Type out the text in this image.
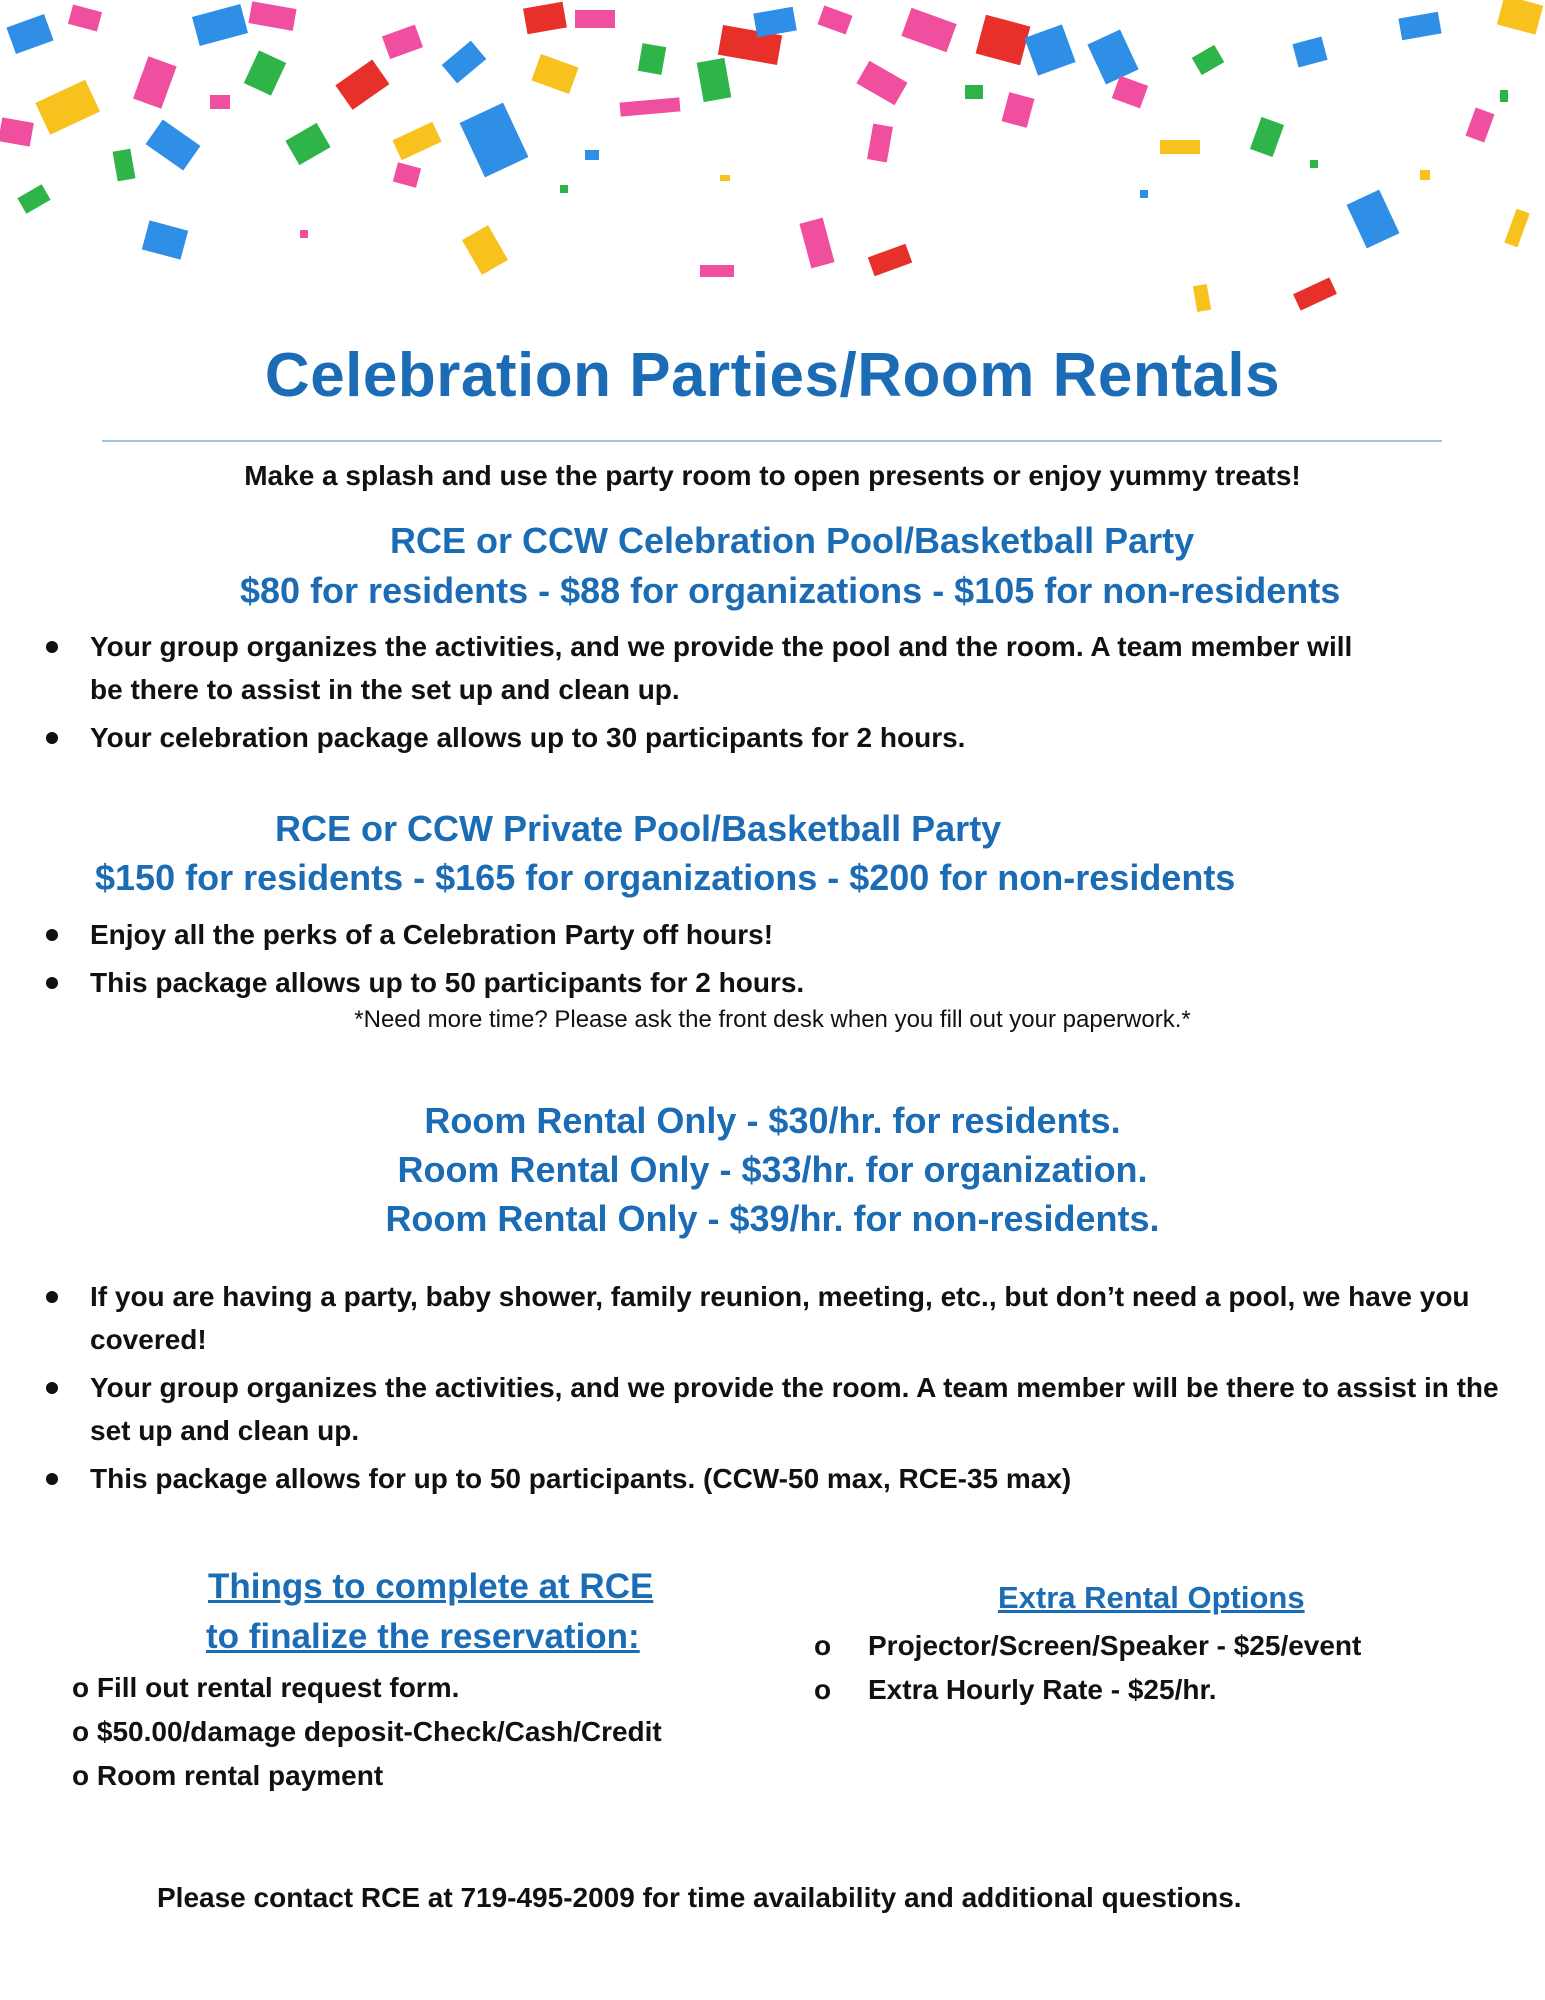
Celebration Parties/Room Rentals
Make a splash and use the party room to open presents or enjoy yummy treats!
RCE or CCW Celebration Pool/Basketball Party
$80 for residents - $88 for organizations - $105 for non-residents
Your group organizes the activities, and we provide the pool and the room. A team member will be there to assist in the set up and clean up.
Your celebration package allows up to 30 participants for 2 hours.
RCE or CCW Private Pool/Basketball Party
$150 for residents - $165 for organizations - $200 for non-residents
Enjoy all the perks of a Celebration Party off hours!
This package allows up to 50 participants for 2 hours.
*Need more time? Please ask the front desk when you fill out your paperwork.*
Room Rental Only - $30/hr. for residents.
Room Rental Only - $33/hr. for organization.
Room Rental Only - $39/hr. for non-residents.
If you are having a party, baby shower, family reunion, meeting, etc., but don’t need a pool, we have you covered!
Your group organizes the activities, and we provide the room. A team member will be there to assist in the set up and clean up.
This package allows for up to 50 participants. (CCW-50 max, RCE-35 max)
Things to complete at RCE
to finalize the reservation:
o Fill out rental request form.
o $50.00/damage deposit-Check/Cash/Credit
o Room rental payment
Extra Rental Options
o Projector/Screen/Speaker - $25/event
o Extra Hourly Rate - $25/hr.
Please contact RCE at 719-495-2009 for time availability and additional questions.
